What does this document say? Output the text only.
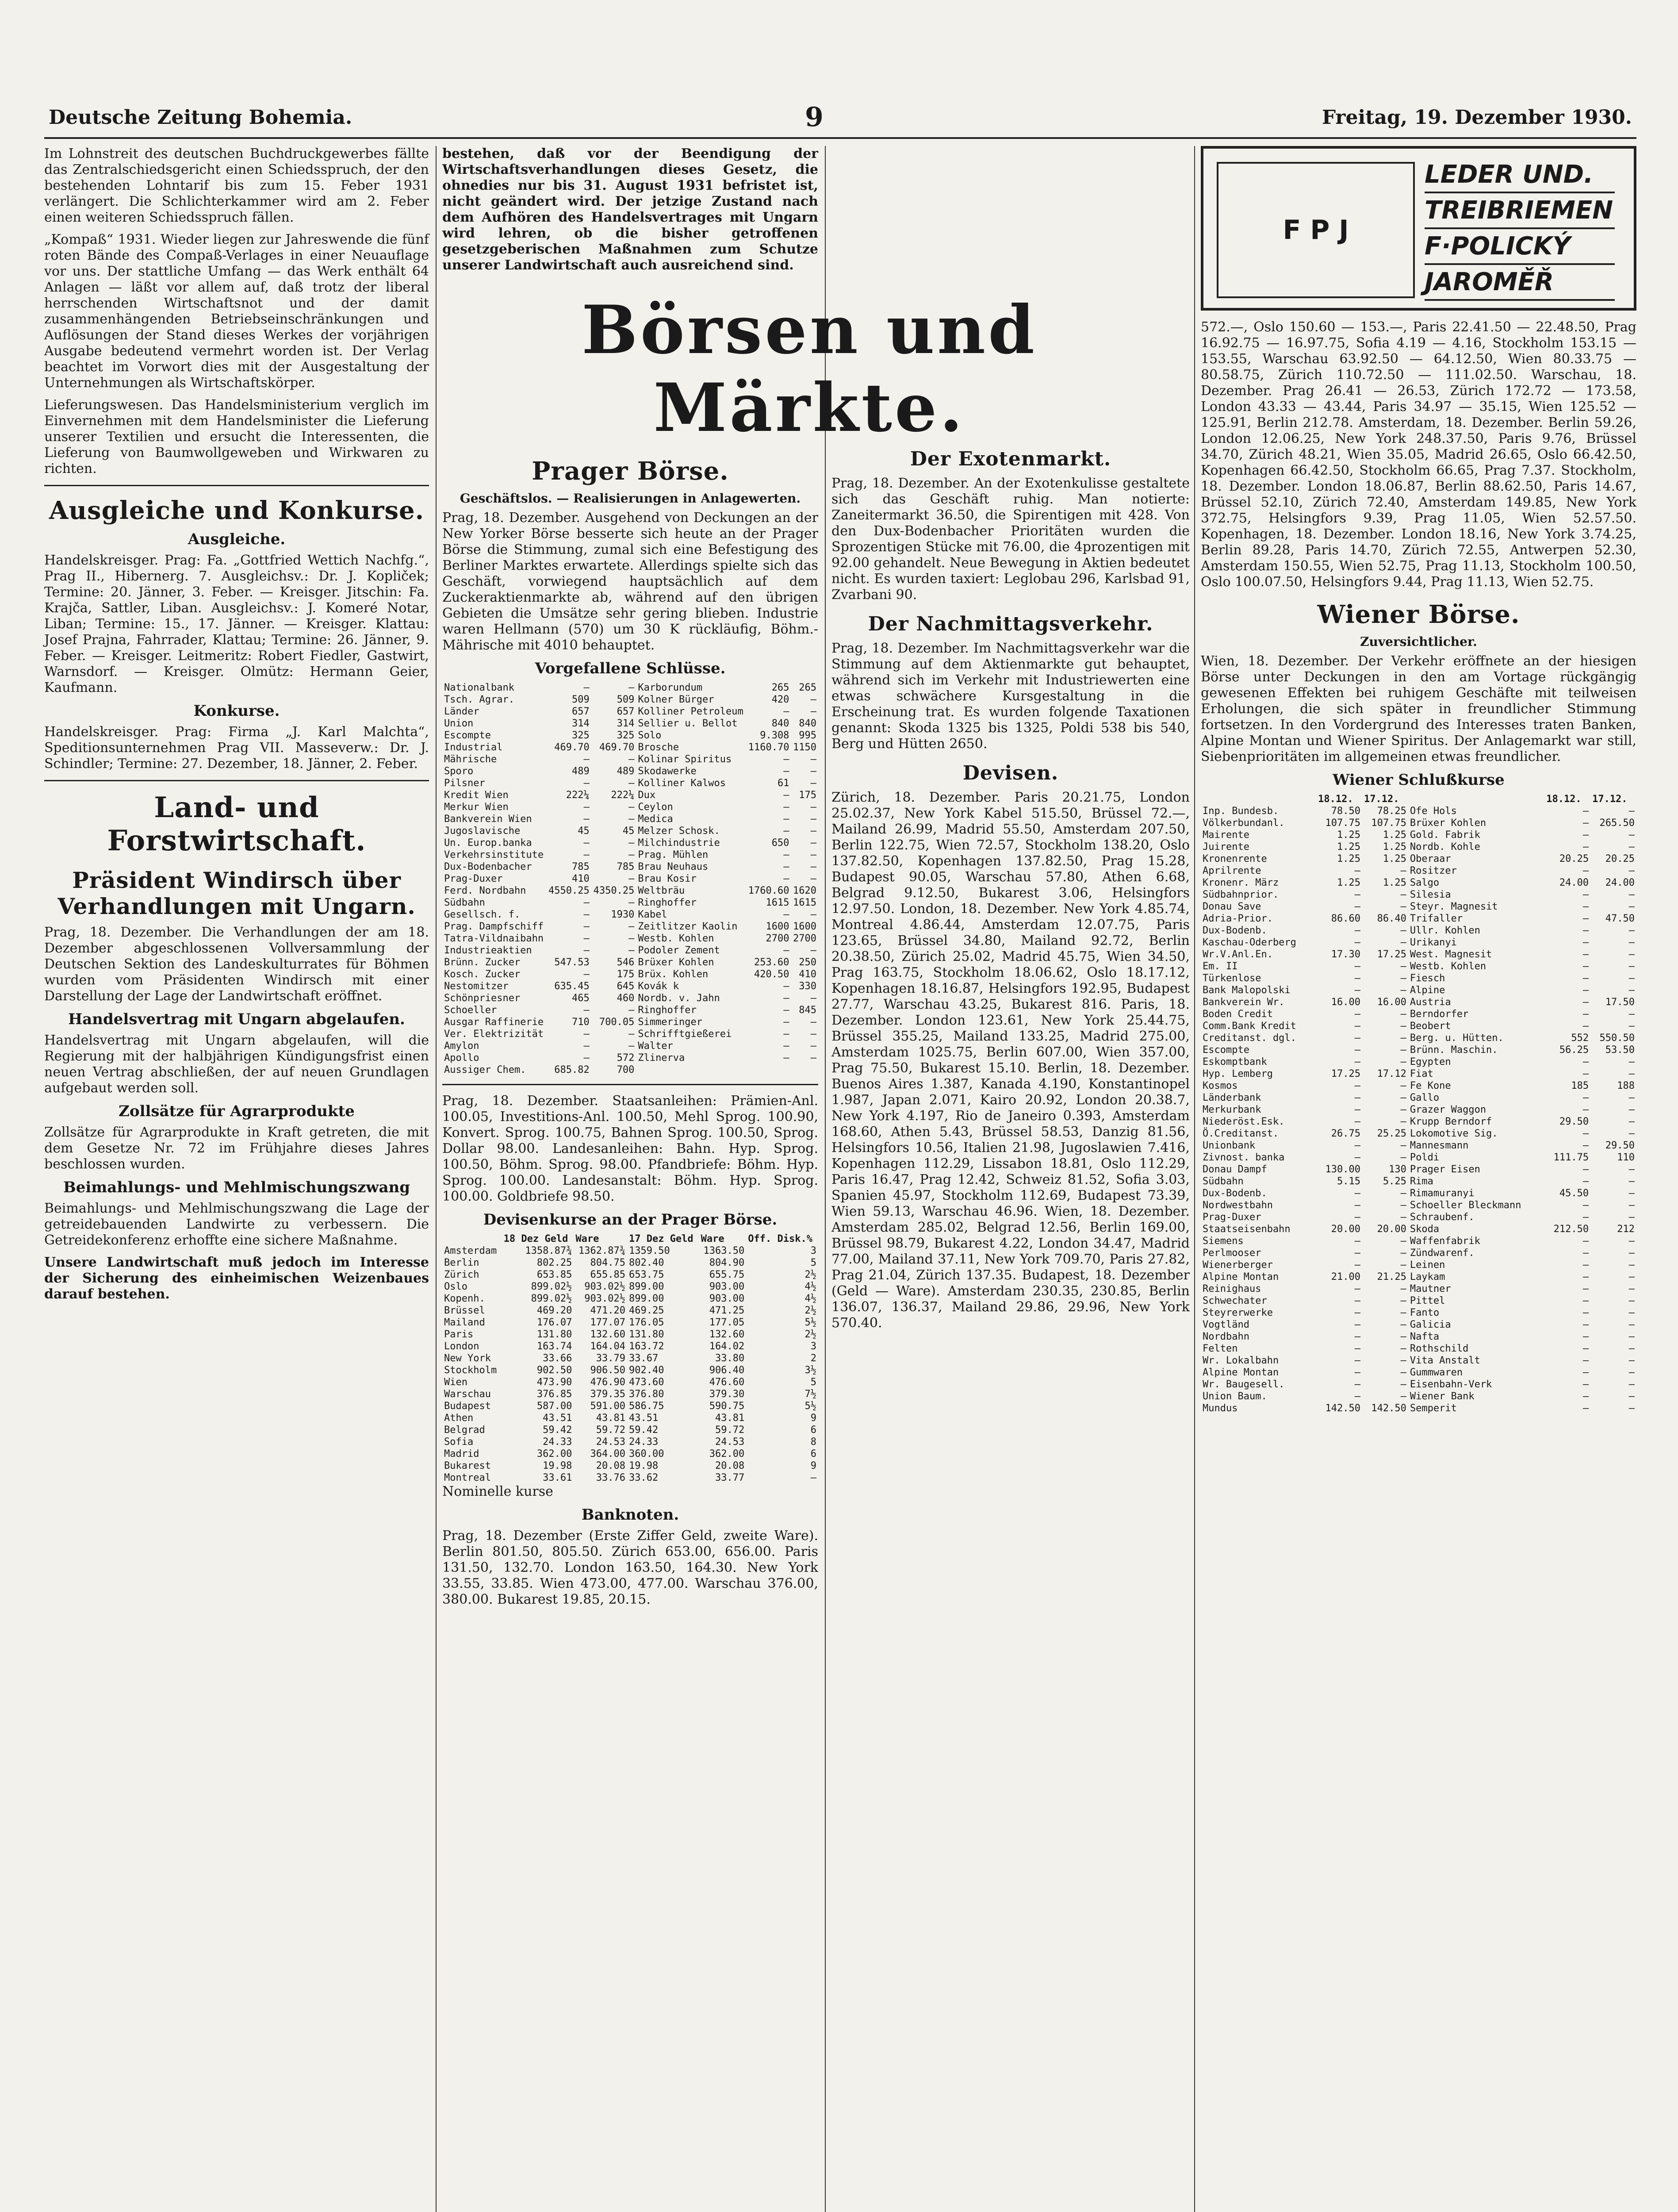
Deutsche Zeitung Bohemia.	9	Freitag, 19. Dezember 1930.

Im Lohnstreit des deutschen Buchdruckgewerbes fällte das Zentralschiedsgericht einen Schiedsspruch, der den bestehenden Lohntarif bis zum 15. Feber 1931 verlängert. Die Schlichterkammer wird am 2. Feber einen weiteren Schiedsspruch fällen.

„Kompaß“ 1931. Wieder liegen zur Jahreswende die fünf roten Bände des Compaß-Verlages in einer Neuauflage vor uns. Der stattliche Umfang — das Werk enthält 64 Anlagen — läßt vor allem auf, daß trotz der liberal herrschenden Wirtschaftsnot und der damit zusammenhängenden Betriebseinschränkungen und Auflösungen der Stand dieses Werkes der vorjährigen Ausgabe bedeutend vermehrt worden ist. Der Verlag beachtet im Vorwort dies mit der Ausgestaltung der Unternehmungen als Wirtschaftskörper.

Lieferungswesen. Das Handelsministerium verglich im Einvernehmen mit dem Handelsminister die Lieferung unserer Textilien und ersucht die Interessenten, die Lieferung von Baumwollgeweben und Wirkwaren zu richten.

Ausgleiche und Konkurse.
Ausgleiche.

Handelskreisger. Prag: Fa. „Gottfried Wettich Nachfg.“, Prag II., Hibernerg. 7. Ausgleichsv.: Dr. J. Kopliček; Termine: 20. Jänner, 3. Feber. — Kreisger. Jitschin: Fa. Krajča, Sattler, Liban. Ausgleichsv.: J. Komeré Notar, Liban; Termine: 15., 17. Jänner. — Kreisger. Klattau: Josef Prajna, Fahrrader, Klattau; Termine: 26. Jänner, 9. Feber. — Kreisger. Leitmeritz: Robert Fiedler, Gastwirt, Warnsdorf. — Kreisger. Olmütz: Hermann Geier, Kaufmann.

Konkurse.

Handelskreisger. Prag: Firma „J. Karl Malchta“, Speditionsunternehmen Prag VII. Masseverw.: Dr. J. Schindler; Termine: 27. Dezember, 18. Jänner, 2. Feber.

Land- und Forstwirtschaft.
Präsident Windirsch über Verhandlungen mit Ungarn.

Prag, 18. Dezember. Die Verhandlungen der am 18. Dezember abgeschlossenen Vollversammlung der Deutschen Sektion des Landeskulturrates für Böhmen wurden vom Präsidenten Windirsch mit einer Darstellung der Lage der Landwirtschaft eröffnet.

Handelsvertrag mit Ungarn abgelaufen.

Handelsvertrag mit Ungarn abgelaufen, will die Regierung mit der halbjährigen Kündigungsfrist einen neuen Vertrag abschließen, der auf neuen Grundlagen aufgebaut werden soll.

Zollsätze für Agrarprodukte

Zollsätze für Agrarprodukte in Kraft getreten, die mit dem Gesetze Nr. 72 im Frühjahre dieses Jahres beschlossen wurden.

Beimahlungs- und Mehlmischungszwang

Beimahlungs- und Mehlmischungszwang die Lage der getreidebauenden Landwirte zu verbessern. Die Getreidekonferenz erhoffte eine sichere Maßnahme.

Unsere Landwirtschaft muß jedoch im Interesse der Sicherung des einheimischen Weizenbaues darauf bestehen.

bestehen, daß vor der Beendigung der Wirtschaftsverhandlungen dieses Gesetz, die ohnedies nur bis 31. August 1931 befristet ist, nicht geändert wird. Der jetzige Zustand nach dem Aufhören des Handelsvertrages mit Ungarn wird lehren, ob die bisher getroffenen gesetzgeberischen Maßnahmen zum Schutze unserer Landwirtschaft auch ausreichend sind.

Börsen und Märkte.
Prager Börse.
Geschäftslos. — Realisierungen in Anlagewerten.

Prag, 18. Dezember. Ausgehend von Deckungen an der New Yorker Börse besserte sich heute an der Prager Börse die Stimmung, zumal sich eine Befestigung des Berliner Marktes erwartete. Allerdings spielte sich das Geschäft, vorwiegend hauptsächlich auf dem Zuckeraktienmarkte ab, während auf den übrigen Gebieten die Umsätze sehr gering blieben. Industrie waren Hellmann (570) um 30 K rückläufig, Böhm.-Mährische mit 4010 behauptet.

Vorgefallene Schlüsse.
Nationalbank	—	—	Karborundum	265	265
Tsch. Agrar.	509	509	Kolner Bürger	420	—
Länder	657	657	Kolliner Petroleum	—	—
Union	314	314	Sellier u. Bellot	840	840
Escompte	325	325	Solo	9.308	995
Industrial	469.70	469.70	Brosche	1160.70	1150
Mährische	—	—	Kolinar Spiritus	—	—
Sporo	489	489	Skodawerke	—	—
Pilsner	—	—	Kolliner Kalwos	61	—
Kredit Wien	222¼	222¼	Dux	—	175
Merkur Wien	—	—	Ceylon	—	—
Bankverein Wien	—	—	Medica	—	—
Jugoslavische	45	45	Melzer Schosk.	—	—
Un. Europ.banka	—	—	Milchindustrie	650	—
Verkehrsinstitute	—	—	Prag. Mühlen	—	—
Dux-Bodenbacher	785	785	Brau Neuhaus	—	—
Prag-Duxer	410	—	Brau Kosir	—	—
Ferd. Nordbahn	4550.25	4350.25	Weltbräu	1760.60	1620
Südbahn	—	—	Ringhoffer	1615	1615
Gesellsch. f.	—	1930	Kabel	—	—
Prag. Dampfschiff	—	—	Zeitlitzer Kaolin	1600	1600
Tatra-Vildnaibahn	—	—	Westb. Kohlen	2700	2700
Industrieaktien	—	—	Podoler Zement	—	—
Brünn. Zucker	547.53	546	Brüxer Kohlen	253.60	250
Kosch. Zucker	—	175	Brüx. Kohlen	420.50	410
Nestomitzer	635.45	645	Kovák k	—	330
Schönpriesner	465	460	Nordb. v. Jahn	—	—
Schoeller	—	—	Ringhoffer	—	845
Ausgar Raffinerie	710	700.05	Simmeringer	—	—
Ver. Elektrizität	—	—	Schrifftgießerei	—	—
Amylon	—	—	Walter	—	—
Apollo	—	572	Zlinerva	—	—
Aussiger Chem.	685.82	700			

Prag, 18. Dezember. Staatsanleihen: Prämien-Anl. 100.05, Investitions-Anl. 100.50, Mehl Sprog. 100.90, Konvert. Sprog. 100.75, Bahnen Sprog. 100.50, Sprog. Dollar 98.00. Landesanleihen: Bahn. Hyp. Sprog. 100.50, Böhm. Sprog. 98.00. Pfandbriefe: Böhm. Hyp. Sprog. 100.00. Landesanstalt: Böhm. Hyp. Sprog. 100.00. Goldbriefe 98.50.

Devisenkurse an der Prager Börse.
	18 Dez Geld	Ware	17 Dez Geld	Ware	Off. Disk.%
Amsterdam	1358.87¾	1362.87¾	1359.50	1363.50	3
Berlin	802.25	804.75	802.40	804.90	5
Zürich	653.85	655.85	653.75	655.75	2½
Oslo	899.02½	903.02½	899.00	903.00	4½
Kopenh.	899.02½	903.02½	899.00	903.00	4½
Brüssel	469.20	471.20	469.25	471.25	2½
Mailand	176.07	177.07	176.05	177.05	5½
Paris	131.80	132.60	131.80	132.60	2½
London	163.74	164.04	163.72	164.02	3
New York	33.66	33.79	33.67	33.80	2
Stockholm	902.50	906.50	902.40	906.40	3½
Wien	473.90	476.90	473.60	476.60	5
Warschau	376.85	379.35	376.80	379.30	7½
Budapest	587.00	591.00	586.75	590.75	5½
Athen	43.51	43.81	43.51	43.81	9
Belgrad	59.42	59.72	59.42	59.72	6
Sofia	24.33	24.53	24.33	24.53	8
Madrid	362.00	364.00	360.00	362.00	6
Bukarest	19.98	20.08	19.98	20.08	9
Montreal	33.61	33.76	33.62	33.77	—

Nominelle kurse

Banknoten.

Prag, 18. Dezember (Erste Ziffer Geld, zweite Ware). Berlin 801.50, 805.50. Zürich 653.00, 656.00. Paris 131.50, 132.70. London 163.50, 164.30. New York 33.55, 33.85. Wien 473.00, 477.00. Warschau 376.00, 380.00. Bukarest 19.85, 20.15.

Der Exotenmarkt.

Prag, 18. Dezember. An der Exotenkulisse gestaltete sich das Geschäft ruhig. Man notierte: Zaneitermarkt 36.50, die Spirentigen mit 428. Von den Dux-Bodenbacher Prioritäten wurden die Sprozentigen Stücke mit 76.00, die 4prozentigen mit 92.00 gehandelt. Neue Bewegung in Aktien bedeutet nicht. Es wurden taxiert: Leglobau 296, Karlsbad 91, Zvarbani 90.

Der Nachmittagsverkehr.

Prag, 18. Dezember. Im Nachmittagsverkehr war die Stimmung auf dem Aktienmarkte gut behauptet, während sich im Verkehr mit Industriewerten eine etwas schwächere Kursgestaltung in die Erscheinung trat. Es wurden folgende Taxationen genannt: Skoda 1325 bis 1325, Poldi 538 bis 540, Berg und Hütten 2650.

Devisen.

Zürich, 18. Dezember. Paris 20.21.75, London 25.02.37, New York Kabel 515.50, Brüssel 72.—, Mailand 26.99, Madrid 55.50, Amsterdam 207.50, Berlin 122.75, Wien 72.57, Stockholm 138.20, Oslo 137.82.50, Kopenhagen 137.82.50, Prag 15.28, Budapest 90.05, Warschau 57.80, Athen 6.68, Belgrad 9.12.50, Bukarest 3.06, Helsingfors 12.97.50. London, 18. Dezember. New York 4.85.74, Montreal 4.86.44, Amsterdam 12.07.75, Paris 123.65, Brüssel 34.80, Mailand 92.72, Berlin 20.38.50, Zürich 25.02, Madrid 45.75, Wien 34.50, Prag 163.75, Stockholm 18.06.62, Oslo 18.17.12, Kopenhagen 18.16.87, Helsingfors 192.95, Budapest 27.77, Warschau 43.25, Bukarest 816. Paris, 18. Dezember. London 123.61, New York 25.44.75, Brüssel 355.25, Mailand 133.25, Madrid 275.00, Amsterdam 1025.75, Berlin 607.00, Wien 357.00, Prag 75.50, Bukarest 15.10. Berlin, 18. Dezember. Buenos Aires 1.387, Kanada 4.190, Konstantinopel 1.987, Japan 2.071, Kairo 20.92, London 20.38.7, New York 4.197, Rio de Janeiro 0.393, Amsterdam 168.60, Athen 5.43, Brüssel 58.53, Danzig 81.56, Helsingfors 10.56, Italien 21.98, Jugoslawien 7.416, Kopenhagen 112.29, Lissabon 18.81, Oslo 112.29, Paris 16.47, Prag 12.42, Schweiz 81.52, Sofia 3.03, Spanien 45.97, Stockholm 112.69, Budapest 73.39, Wien 59.13, Warschau 46.96. Wien, 18. Dezember. Amsterdam 285.02, Belgrad 12.56, Berlin 169.00, Brüssel 98.79, Bukarest 4.22, London 34.47, Madrid 77.00, Mailand 37.11, New York 709.70, Paris 27.82, Prag 21.04, Zürich 137.35. Budapest, 18. Dezember (Geld — Ware). Amsterdam 230.35, 230.85, Berlin 136.07, 136.37, Mailand 29.86, 29.96, New York 570.40.

F P J
LEDER UND.
TREIBRIEMEN
F·POLICKÝ
JAROMĚŘ

572.—, Oslo 150.60 — 153.—, Paris 22.41.50 — 22.48.50, Prag 16.92.75 — 16.97.75, Sofia 4.19 — 4.16, Stockholm 153.15 — 153.55, Warschau 63.92.50 — 64.12.50, Wien 80.33.75 — 80.58.75, Zürich 110.72.50 — 111.02.50. Warschau, 18. Dezember. Prag 26.41 — 26.53, Zürich 172.72 — 173.58, London 43.33 — 43.44, Paris 34.97 — 35.15, Wien 125.52 — 125.91, Berlin 212.78. Amsterdam, 18. Dezember. Berlin 59.26, London 12.06.25, New York 248.37.50, Paris 9.76, Brüssel 34.70, Zürich 48.21, Wien 35.05, Madrid 26.65, Oslo 66.42.50, Kopenhagen 66.42.50, Stockholm 66.65, Prag 7.37. Stockholm, 18. Dezember. London 18.06.87, Berlin 88.62.50, Paris 14.67, Brüssel 52.10, Zürich 72.40, Amsterdam 149.85, New York 372.75, Helsingfors 9.39, Prag 11.05, Wien 52.57.50. Kopenhagen, 18. Dezember. London 18.16, New York 3.74.25, Berlin 89.28, Paris 14.70, Zürich 72.55, Antwerpen 52.30, Amsterdam 150.55, Wien 52.75, Prag 11.13, Stockholm 100.50, Oslo 100.07.50, Helsingfors 9.44, Prag 11.13, Wien 52.75.

Wiener Börse.
Zuversichtlicher.

Wien, 18. Dezember. Der Verkehr eröffnete an der hiesigen Börse unter Deckungen in den am Vortage rückgängig gewesenen Effekten bei ruhigem Geschäfte mit teilweisen Erholungen, die sich später in freundlicher Stimmung fortsetzen. In den Vordergrund des Interesses traten Banken, Alpine Montan und Wiener Spiritus. Der Anlagemarkt war still, Siebenprioritäten im allgemeinen etwas freundlicher.

Wiener Schlußkurse
	18.12.	17.12.		18.12.	17.12.
Inp. Bundesb.	78.50	78.25	Ofe Hols	—	—
Völkerbundanl.	107.75	107.75	Brüxer Kohlen	—	265.50
Mairente	1.25	1.25	Gold. Fabrik	—	—
Juirente	1.25	1.25	Nordb. Kohle	—	—
Kronenrente	1.25	1.25	Oberaar	20.25	20.25
Aprilrente	—	—	Rositzer	—	—
Kronenr. März	1.25	1.25	Salgo	24.00	24.00
Südbahnprior.	—	—	Silesia	—	—
Donau Save	—	—	Steyr. Magnesit	—	—
Adria-Prior.	86.60	86.40	Trifaller	—	47.50
Dux-Bodenb.	—	—	Ullr. Kohlen	—	—
Kaschau-Oderberg	—	—	Urikanyi	—	—
Wr.V.Anl.En.	17.30	17.25	West. Magnesit	—	—
Em. II	—	—	Westb. Kohlen	—	—
Türkenlose	—	—	Fiesch	—	—
Bank Malopolski	—	—	Alpine	—	—
Bankverein Wr.	16.00	16.00	Austria	—	17.50
Boden Credit	—	—	Berndorfer	—	—
Comm.Bank Kredit	—	—	Beobert	—	—
Creditanst. dgl.	—	—	Berg. u. Hütten.	552	550.50
Escompte	—	—	Brünn. Maschin.	56.25	53.50
Eskomptbank	—	—	Egypten	—	—
Hyp. Lemberg	17.25	17.12	Fiat	—	—
Kosmos	—	—	Fe Kone	185	188
Länderbank	—	—	Gallo	—	—
Merkurbank	—	—	Grazer Waggon	—	—
Niederöst.Esk.	—	—	Krupp Berndorf	29.50	—
Ö.Creditanst.	26.75	25.25	Lokomotive Sig.	—	—
Unionbank	—	—	Mannesmann	—	29.50
Zivnost. banka	—	—	Poldi	111.75	110
Donau Dampf	130.00	130	Prager Eisen	—	—
Südbahn	5.15	5.25	Rima	—	—
Dux-Bodenb.	—	—	Rimamuranyi	45.50	—
Nordwestbahn	—	—	Schoeller Bleckmann	—	—
Prag-Duxer	—	—	Schraubenf.	—	—
Staatseisenbahn	20.00	20.00	Skoda	212.50	212
Siemens	—	—	Waffenfabrik	—	—
Perlmooser	—	—	Zündwarenf.	—	—
Wienerberger	—	—	Leinen	—	—
Alpine Montan	21.00	21.25	Laykam	—	—
Reinighaus	—	—	Mautner	—	—
Schwechater	—	—	Pittel	—	—
Steyrerwerke	—	—	Fanto	—	—
Vogtländ	—	—	Galicia	—	—
Nordbahn	—	—	Nafta	—	—
Felten	—	—	Rothschild	—	—
Wr. Lokalbahn	—	—	Vita Anstalt	—	—
Alpine Montan	—	—	Gummwaren	—	—
Wr. Baugesell.	—	—	Eisenbahn-Verk	—	—
Union Baum.	—	—	Wiener Bank	—	—
Mundus	142.50	142.50	Semperit	—	—
